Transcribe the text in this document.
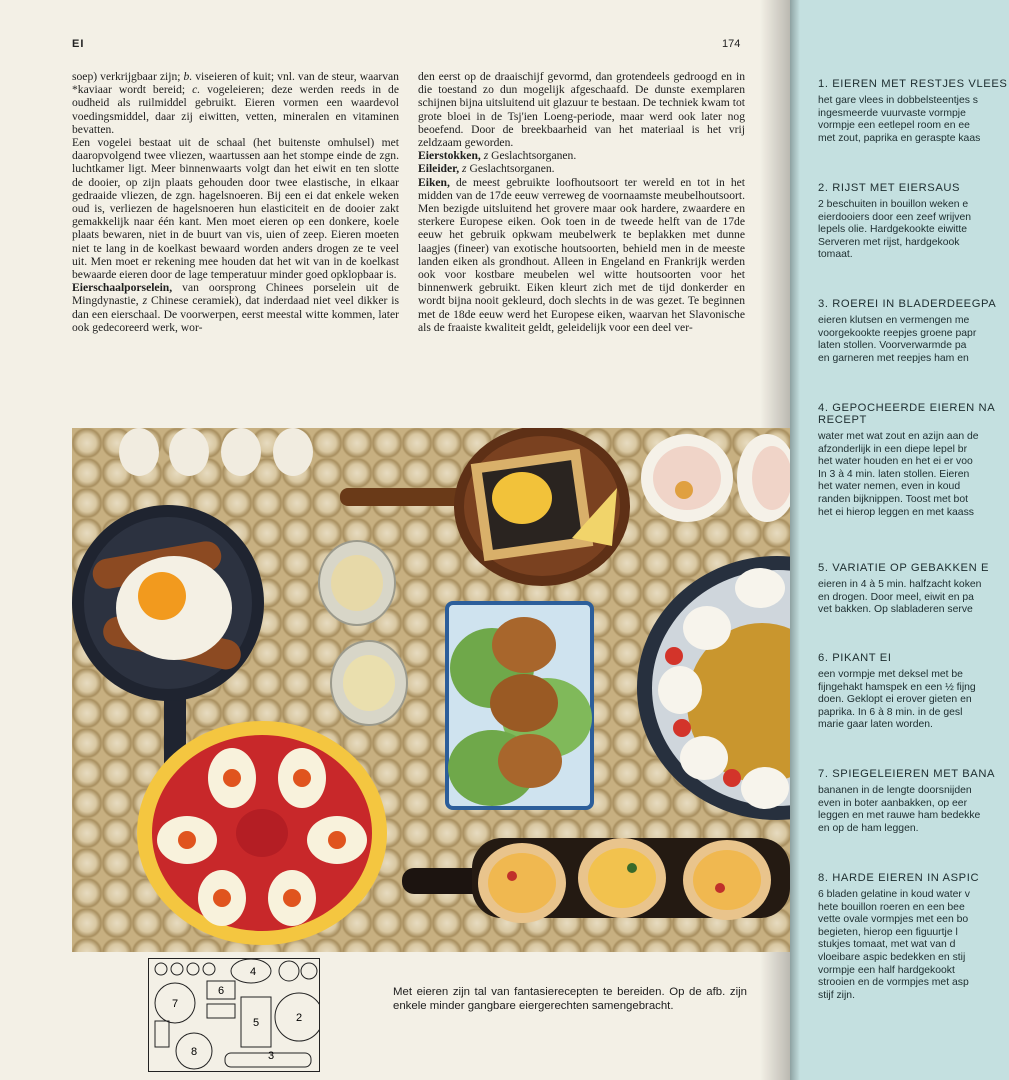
EI	174

soep) verkrijgbaar zijn; b. viseieren of kuit; vnl. van de steur, waarvan *kaviaar wordt bereid; c. vogeleieren; deze werden reeds in de oudheid als ruilmiddel gebruikt. Eieren vormen een waardevol voedingsmiddel, daar zij eiwitten, vetten, mineralen en vitaminen bevatten.

Een vogelei bestaat uit de schaal (het buitenste omhulsel) met daaropvolgend twee vliezen, waartussen aan het stompe einde de zgn. luchtkamer ligt. Meer binnenwaarts volgt dan het eiwit en ten slotte de dooier, op zijn plaats gehouden door twee elastische, in elkaar gedraaide vliezen, de zgn. hagelsnoeren. Bij een ei dat enkele weken oud is, verliezen de hagelsnoeren hun elasticiteit en de dooier zakt gemakkelijk naar één kant. Men moet eieren op een donkere, koele plaats bewaren, niet in de buurt van vis, uien of zeep. Eieren moeten niet te lang in de koelkast bewaard worden anders drogen ze te veel uit. Men moet er rekening mee houden dat het wit van in de koelkast bewaarde eieren door de lage temperatuur minder goed opklopbaar is.

Eierschaalporselein, van oorsprong Chinees porselein uit de Mingdynastie, z Chinese ceramiek), dat inderdaad niet veel dikker is dan een eierschaal. De voorwerpen, eerst meestal witte kommen, later ook gedecoreerd werk, wor-

den eerst op de draaischijf gevormd, dan grotendeels gedroogd en in die toestand zo dun mogelijk afgeschaafd. De dunste exemplaren schijnen bijna uitsluitend uit glazuur te bestaan. De techniek kwam tot grote bloei in de Tsj'ien Loeng-periode, maar werd ook later nog beoefend. Door de breekbaarheid van het materiaal is het vrij zeldzaam geworden.

Eierstokken, z Geslachtsorganen.

Eileider, z Geslachtsorganen.

Eiken, de meest gebruikte loofhoutsoort ter wereld en tot in het midden van de 17de eeuw verreweg de voornaamste meubelhoutsoort. Men bezigde uitsluitend het grovere maar ook hardere, zwaardere en sterkere Europese eiken. Ook toen in de tweede helft van de 17de eeuw het gebruik opkwam meubelwerk te beplakken met dunne laagjes (fineer) van exotische houtsoorten, behield men in de meeste landen eiken als grondhout. Alleen in Engeland en Frankrijk werden ook voor kostbare meubelen wel witte houtsoorten voor het binnenwerk gebruikt. Eiken kleurt zich met de tijd donkerder en wordt bijna nooit gekleurd, doch slechts in de was gezet. Te beginnen met de 18de eeuw werd het Europese eiken, waarvan het Slavonische als de fraaiste kwaliteit geldt, geleidelijk voor een deel ver-

7
2
3
4
5
6
8
1
Met eieren zijn tal van fantasierecepten te bereiden. Op de afb. zijn enkele minder gangbare eiergerechten samengebracht.
1. EIEREN MET RESTJES VLEES
het gare vlees in dobbelsteentjes s
ingesmeerde vuurvaste vormpje
vormpje een eetlepel room en ee
met zout, paprika en geraspte kaas
2. RIJST MET EIERSAUS
2 beschuiten in bouillon weken e
eierdooiers door een zeef wrijven
lepels olie. Hardgekookte eiwitte
Serveren met rijst, hardgekook
tomaat.
3. ROEREI IN BLADERDEEGPA
eieren klutsen en vermengen me
voorgekookte reepjes groene papr
laten stollen. Voorverwarmde pa
en garneren met reepjes ham en
4. GEPOCHEERDE EIEREN NA
RECEPT
water met wat zout en azijn aan de
afzonderlijk in een diepe lepel br
het water houden en het ei er voo
In 3 à 4 min. laten stollen. Eieren
het water nemen, even in koud
randen bijknippen. Toost met bot
het ei hierop leggen en met kaass
5. VARIATIE OP GEBAKKEN E
eieren in 4 à 5 min. halfzacht koken
en drogen. Door meel, eiwit en pa
vet bakken. Op slabladeren serve
6. PIKANT EI
een vormpje met deksel met be
fijngehakt hamspek en een ½ fijng
doen. Geklopt ei erover gieten en
paprika. In 6 à 8 min. in de gesl
marie gaar laten worden.
7. SPIEGELEIEREN MET BANA
bananen in de lengte doorsnijden
even in boter aanbakken, op eer
leggen en met rauwe ham bedekke
en op de ham leggen.
8. HARDE EIEREN IN ASPIC
6 bladen gelatine in koud water v
hete bouillon roeren en een bee
vette ovale vormpjes met een bo
begieten, hierop een figuurtje l
stukjes tomaat, met wat van d
vloeibare aspic bedekken en stij
vormpje een half hardgekookt
strooien en de vormpjes met asp
stijf zijn.
